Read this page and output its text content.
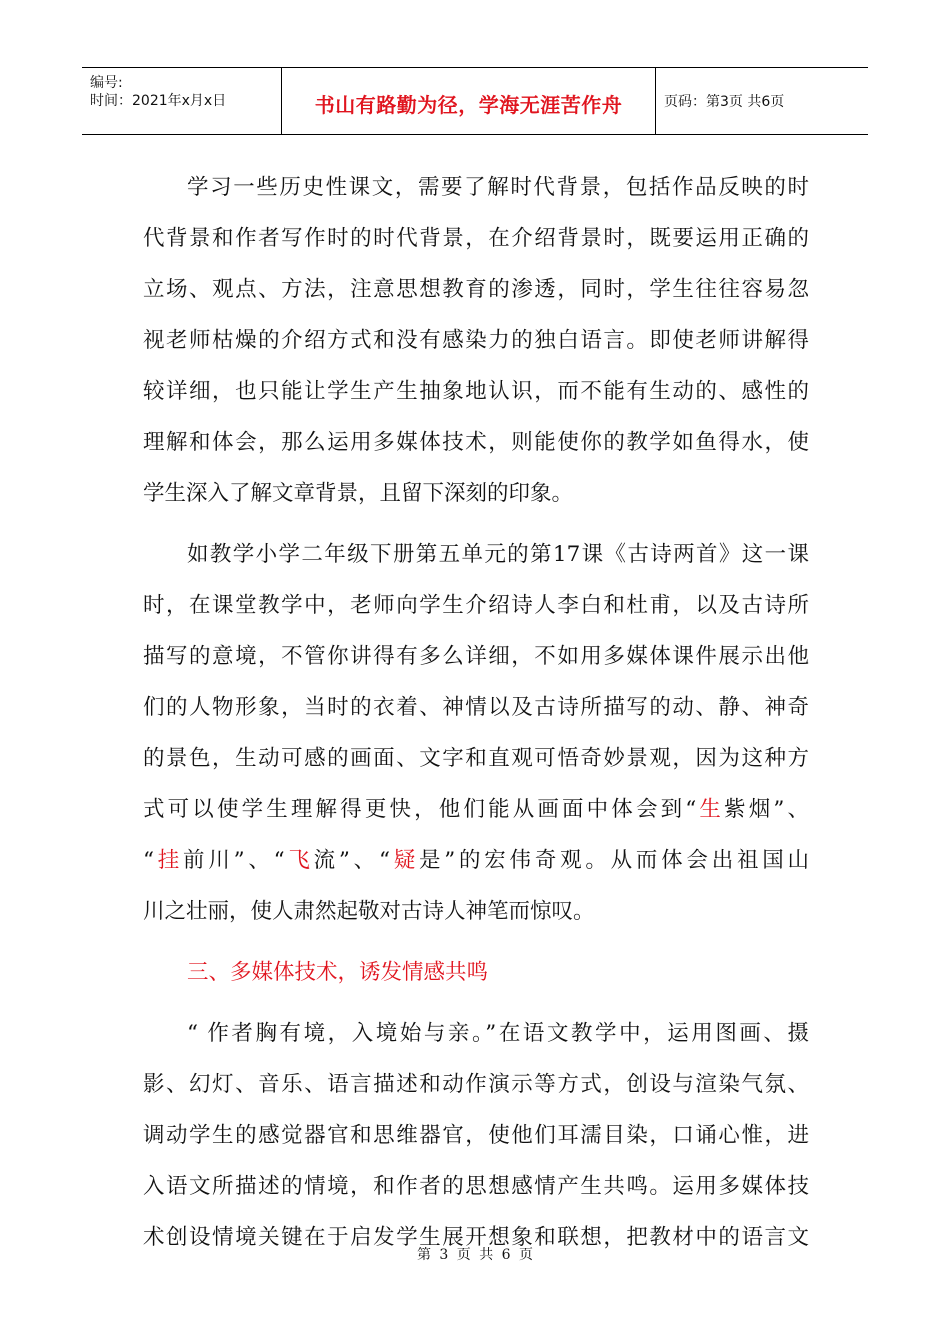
编号:
时间：2021年x月x日	书山有路勤为径，学海无涯苦作舟	页码：第3页 共6页
学习一些历史性课文，需要了解时代背景，包括作品反映的时
代背景和作者写作时的时代背景，在介绍背景时，既要运用正确的
立场、观点、方法，注意思想教育的渗透，同时，学生往往容易忽
视老师枯燥的介绍方式和没有感染力的独白语言。即使老师讲解得
较详细，也只能让学生产生抽象地认识，而不能有生动的、感性的
理解和体会，那么运用多媒体技术，则能使你的教学如鱼得水，使
学生深入了解文章背景，且留下深刻的印象。
如教学小学二年级下册第五单元的第17课《古诗两首》这一课
时，在课堂教学中，老师向学生介绍诗人李白和杜甫，以及古诗所
描写的意境，不管你讲得有多么详细，不如用多媒体课件展示出他
们的人物形象，当时的衣着、神情以及古诗所描写的动、静、神奇
的景色，生动可感的画面、文字和直观可悟奇妙景观，因为这种方
式可以使学生理解得更快，他们能从画面中体会到“生紫烟”、
“挂前川”、“飞流”、“疑是”的宏伟奇观。从而体会出祖国山
川之壮丽，使人肃然起敬对古诗人神笔而惊叹。
三、多媒体技术，诱发情感共鸣
“ 作者胸有境，入境始与亲。”在语文教学中，运用图画、摄
影、幻灯、音乐、语言描述和动作演示等方式，创设与渲染气氛、
调动学生的感觉器官和思维器官，使他们耳濡目染，口诵心惟，进
入语文所描述的情境，和作者的思想感情产生共鸣。运用多媒体技
术创设情境关键在于启发学生展开想象和联想，把教材中的语言文
第 3 页 共 6 页
